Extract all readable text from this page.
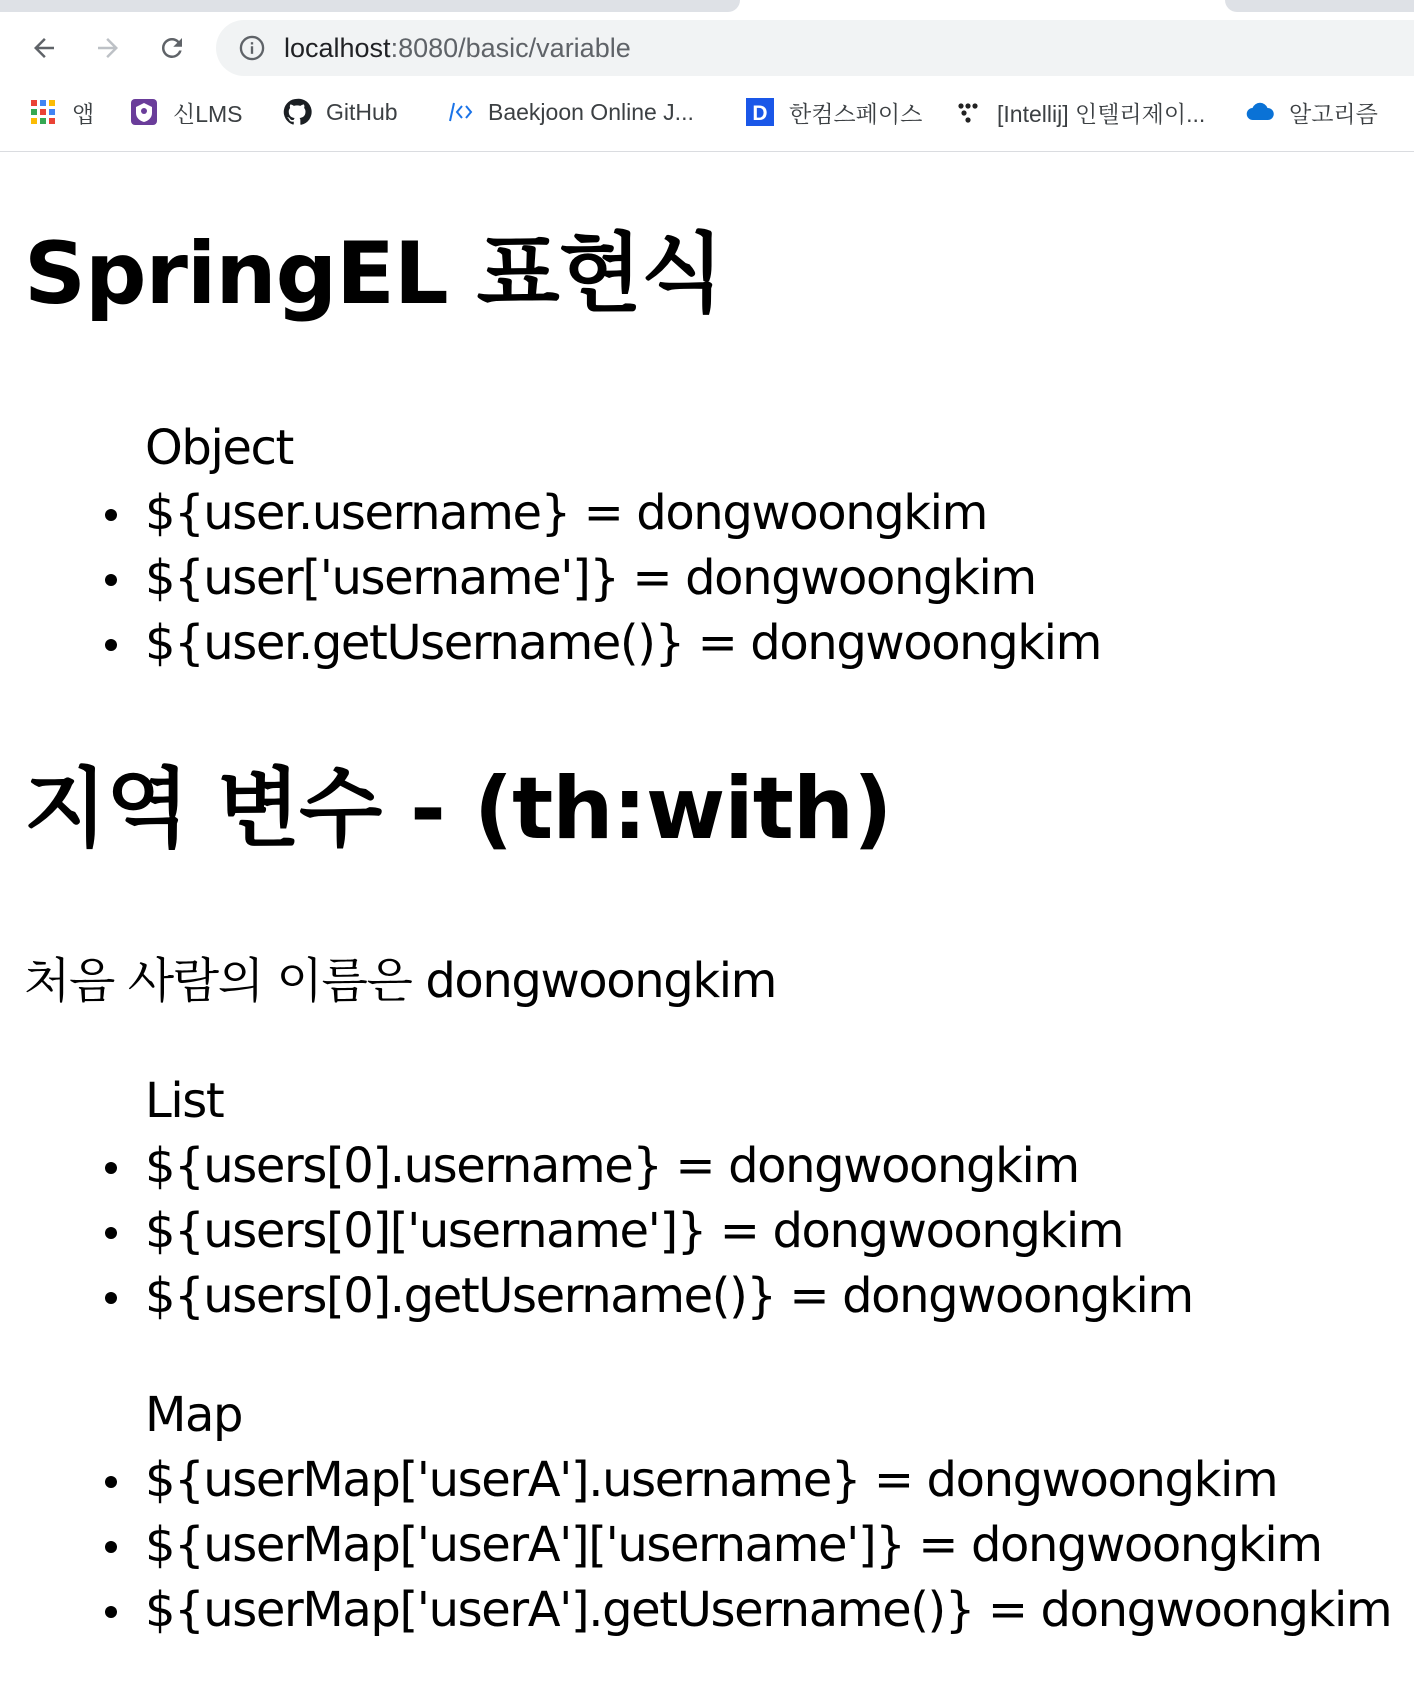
localhost:8080/basic/variable
앱	신LMS	GitHub	Baekjoon Online J...	D 한컴스페이스	[Intellij] 인텔리제이...	알고리즘
SpringEL 표현식
Object
${user.username} = dongwoongkim
${user['username']} = dongwoongkim
${user.getUsername()} = dongwoongkim
지역 변수 - (th:with)
처음 사람의 이름은 dongwoongkim
List
${users[0].username} = dongwoongkim
${users[0]['username']} = dongwoongkim
${users[0].getUsername()} = dongwoongkim
Map
${userMap['userA'].username} = dongwoongkim
${userMap['userA']['username']} = dongwoongkim
${userMap['userA'].getUsername()} = dongwoongkim
